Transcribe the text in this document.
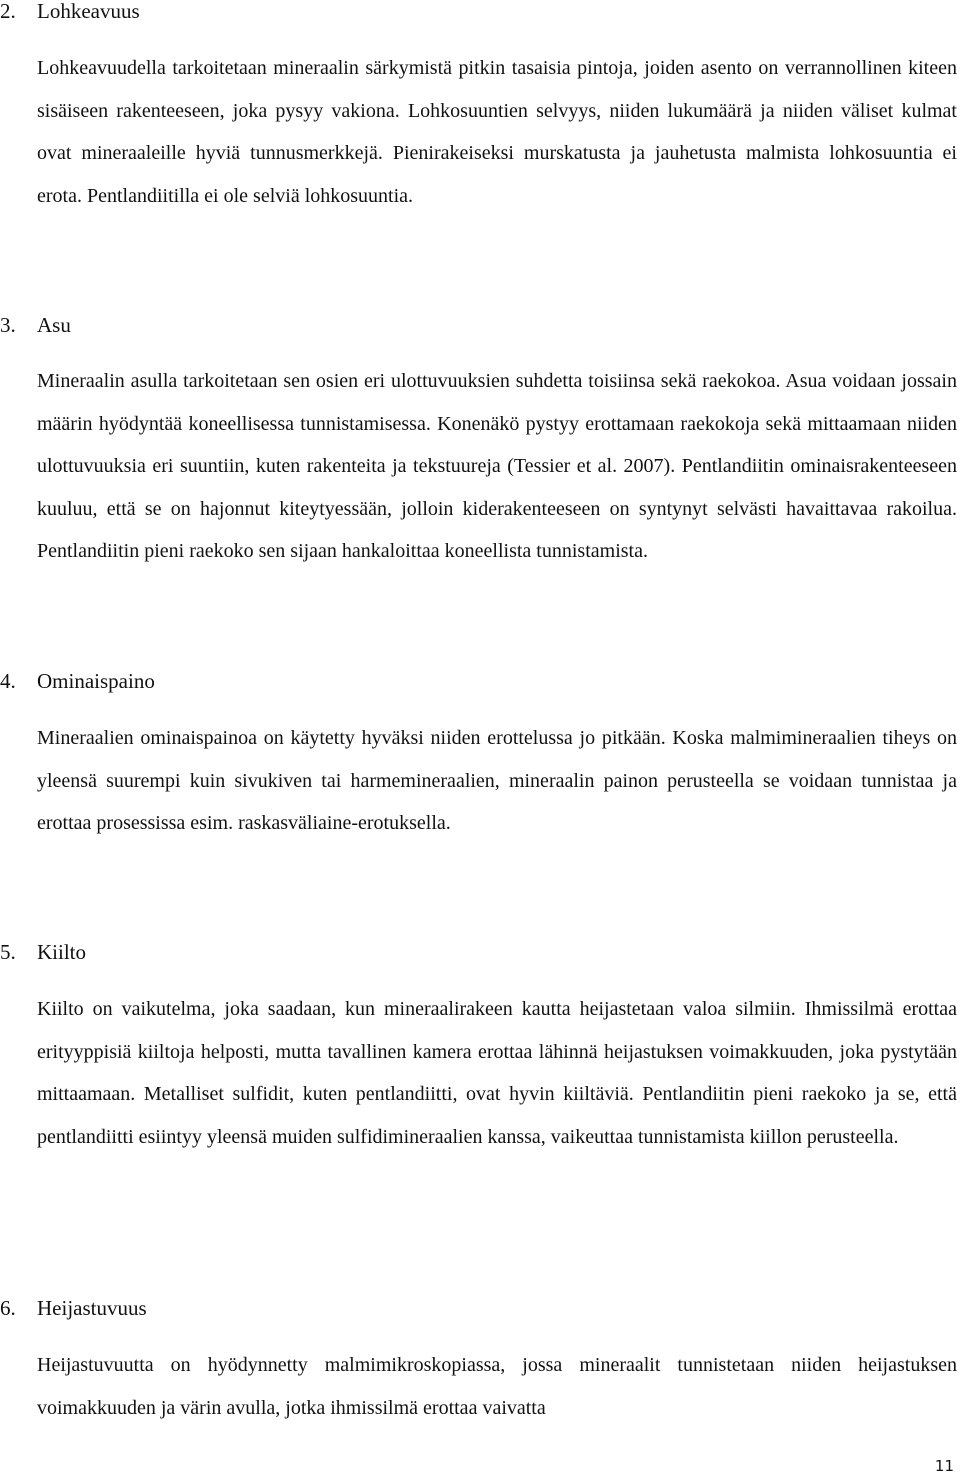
2. Lohkeavuus
Lohkeavuudella tarkoitetaan mineraalin särkymistä pitkin tasaisia pintoja, joiden asento on verrannollinen kiteen sisäiseen rakenteeseen, joka pysyy vakiona. Lohkosuuntien selvyys, niiden lukumäärä ja niiden väliset kulmat ovat mineraaleille hyviä tunnusmerkkejä. Pienirakeiseksi murskatusta ja jauhetusta malmista lohkosuuntia ei erota. Pentlandiitilla ei ole selviä lohkosuuntia.
3. Asu
Mineraalin asulla tarkoitetaan sen osien eri ulottuvuuksien suhdetta toisiinsa sekä raekokoa. Asua voidaan jossain määrin hyödyntää koneellisessa tunnistamisessa. Konenäkö pystyy erottamaan raekokoja sekä mittaamaan niiden ulottuvuuksia eri suuntiin, kuten rakenteita ja tekstuureja (Tessier et al. 2007). Pentlandiitin ominaisrakenteeseen kuuluu, että se on hajonnut kiteytyessään, jolloin kiderakenteeseen on syntynyt selvästi havaittavaa rakoilua. Pentlandiitin pieni raekoko sen sijaan hankaloittaa koneellista tunnistamista.
4. Ominaispaino
Mineraalien ominaispainoa on käytetty hyväksi niiden erottelussa jo pitkään. Koska malmimineraalien tiheys on yleensä suurempi kuin sivukiven tai harmemineraalien, mineraalin painon perusteella se voidaan tunnistaa ja erottaa prosessissa esim. raskasväliaine-erotuksella.
5. Kiilto
Kiilto on vaikutelma, joka saadaan, kun mineraalirakeen kautta heijastetaan valoa silmiin. Ihmissilmä erottaa erityyppisiä kiiltoja helposti, mutta tavallinen kamera erottaa lähinnä heijastuksen voimakkuuden, joka pystytään mittaamaan. Metalliset sulfidit, kuten pentlandiitti, ovat hyvin kiiltäviä. Pentlandiitin pieni raekoko ja se, että pentlandiitti esiintyy yleensä muiden sulfidimineraalien kanssa, vaikeuttaa tunnistamista kiillon perusteella.
6. Heijastuvuus
Heijastuvuutta on hyödynnetty malmimikroskopiassa, jossa mineraalit tunnistetaan niiden heijastuksen voimakkuuden ja värin avulla, jotka ihmissilmä erottaa vaivatta
11
